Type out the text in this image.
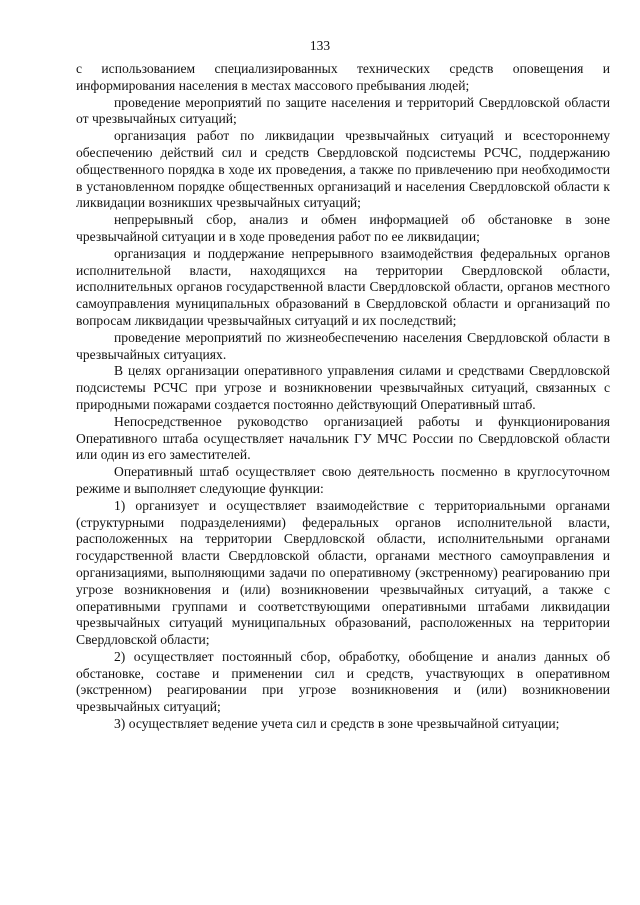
133

с использованием специализированных технических средств оповещения и информирования населения в местах массового пребывания людей;

проведение мероприятий по защите населения и территорий Свердловской области от чрезвычайных ситуаций;

организация работ по ликвидации чрезвычайных ситуаций и всестороннему обеспечению действий сил и средств Свердловской подсистемы РСЧС, поддержанию общественного порядка в ходе их проведения, а также по привлечению при необходимости в установленном порядке общественных организаций и населения Свердловской области к ликвидации возникших чрезвычайных ситуаций;

непрерывный сбор, анализ и обмен информацией об обстановке в зоне чрезвычайной ситуации и в ходе проведения работ по ее ликвидации;

организация и поддержание непрерывного взаимодействия федеральных органов исполнительной власти, находящихся на территории Свердловской области, исполнительных органов государственной власти Свердловской области, органов местного самоуправления муниципальных образований в Свердловской области и организаций по вопросам ликвидации чрезвычайных ситуаций и их последствий;

проведение мероприятий по жизнеобеспечению населения Свердловской области в чрезвычайных ситуациях.

В целях организации оперативного управления силами и средствами Свердловской подсистемы РСЧС при угрозе и возникновении чрезвычайных ситуаций, связанных с природными пожарами создается постоянно действующий Оперативный штаб.

Непосредственное руководство организацией работы и функционирования Оперативного штаба осуществляет начальник ГУ МЧС России по Свердловской области или один из его заместителей.

Оперативный штаб осуществляет свою деятельность посменно в круглосуточном режиме и выполняет следующие функции:

1) организует и осуществляет взаимодействие с территориальными органами (структурными подразделениями) федеральных органов исполнительной власти, расположенных на территории Свердловской области, исполнительными органами государственной власти Свердловской области, органами местного самоуправления и организациями, выполняющими задачи по оперативному (экстренному) реагированию при угрозе возникновения и (или) возникновении чрезвычайных ситуаций, а также с оперативными группами и соответствующими оперативными штабами ликвидации чрезвычайных ситуаций муниципальных образований, расположенных на территории Свердловской области;

2) осуществляет постоянный сбор, обработку, обобщение и анализ данных об обстановке, составе и применении сил и средств, участвующих в оперативном (экстренном) реагировании при угрозе возникновения и (или) возникновении чрезвычайных ситуаций;

3) осуществляет ведение учета сил и средств в зоне чрезвычайной ситуации;
